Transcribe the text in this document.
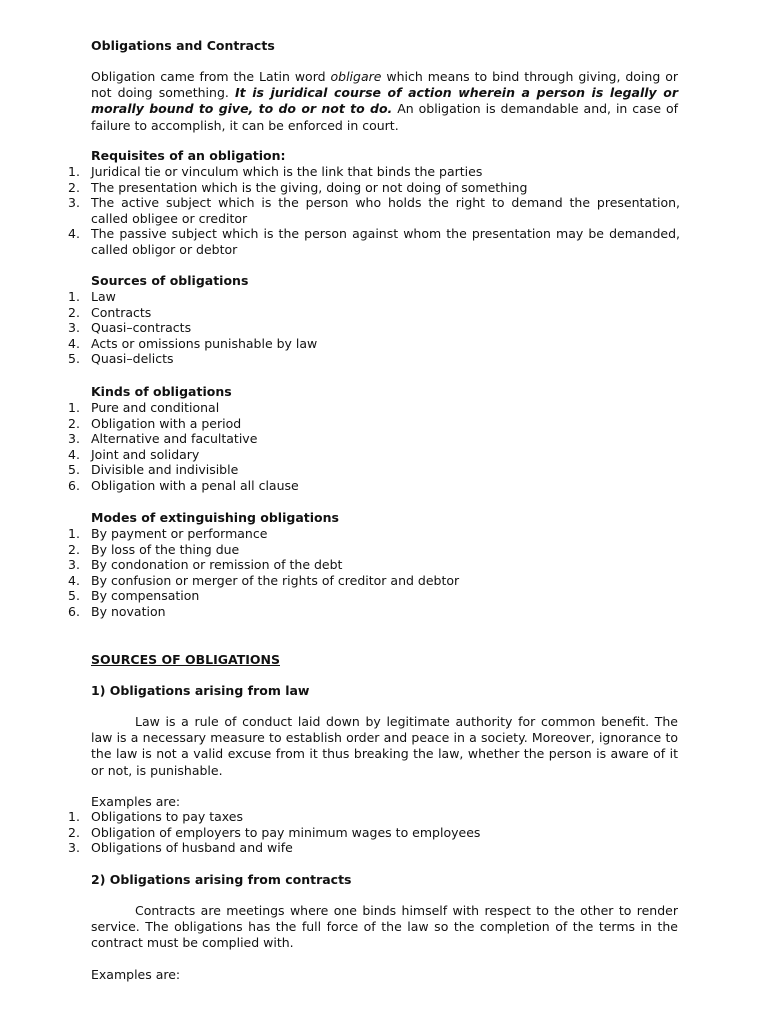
Obligations and Contracts
Obligation came from the Latin word obligare which means to bind through giving, doing or not doing something. It is juridical course of action wherein a person is legally or morally bound to give, to do or not to do. An obligation is demandable and, in case of failure to accomplish, it can be enforced in court.
Requisites of an obligation:
1. Juridical tie or vinculum which is the link that binds the parties
2. The presentation which is the giving, doing or not doing of something
3. The active subject which is the person who holds the right to demand the presentation, called obligee or creditor
4. The passive subject which is the person against whom the presentation may be demanded, called obligor or debtor
Sources of obligations
1. Law
2. Contracts
3. Quasi–contracts
4. Acts or omissions punishable by law
5. Quasi–delicts
Kinds of obligations
1. Pure and conditional
2. Obligation with a period
3. Alternative and facultative
4. Joint and solidary
5. Divisible and indivisible
6. Obligation with a penal all clause
Modes of extinguishing obligations
1. By payment or performance
2. By loss of the thing due
3. By condonation or remission of the debt
4. By confusion or merger of the rights of creditor and debtor
5. By compensation
6. By novation
SOURCES OF OBLIGATIONS
1) Obligations arising from law
Law is a rule of conduct laid down by legitimate authority for common benefit. The law is a necessary measure to establish order and peace in a society. Moreover, ignorance to the law is not a valid excuse from it thus breaking the law, whether the person is aware of it or not, is punishable.
Examples are:
1. Obligations to pay taxes
2. Obligation of employers to pay minimum wages to employees
3. Obligations of husband and wife
2) Obligations arising from contracts
Contracts are meetings where one binds himself with respect to the other to render service. The obligations has the full force of the law so the completion of the terms in the contract must be complied with.
Examples are:
